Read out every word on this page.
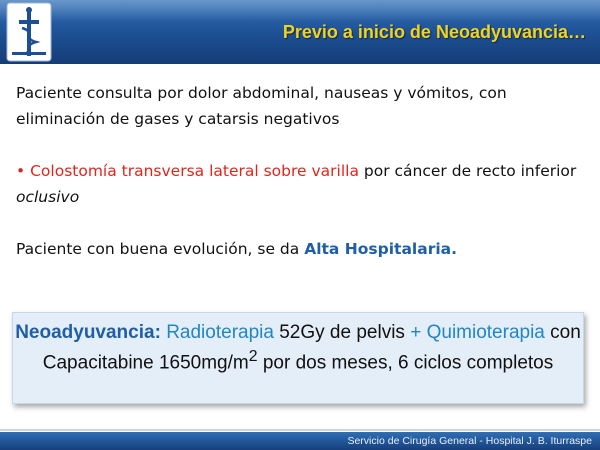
Previo a inicio de Neoadyuvancia…

Paciente consulta por dolor abdominal, nauseas y vómitos, con eliminación de gases y catarsis negativos

• Colostomía transversa lateral sobre varilla por cáncer de recto inferior oclusivo

Paciente con buena evolución, se da Alta Hospitalaria.

Neoadyuvancia: Radioterapia 52Gy de pelvis + Quimioterapia con Capacitabine $1650mg/m^2$ por dos meses, 6 ciclos completos
Servicio de Cirugía General - Hospital J. B. Iturraspe
